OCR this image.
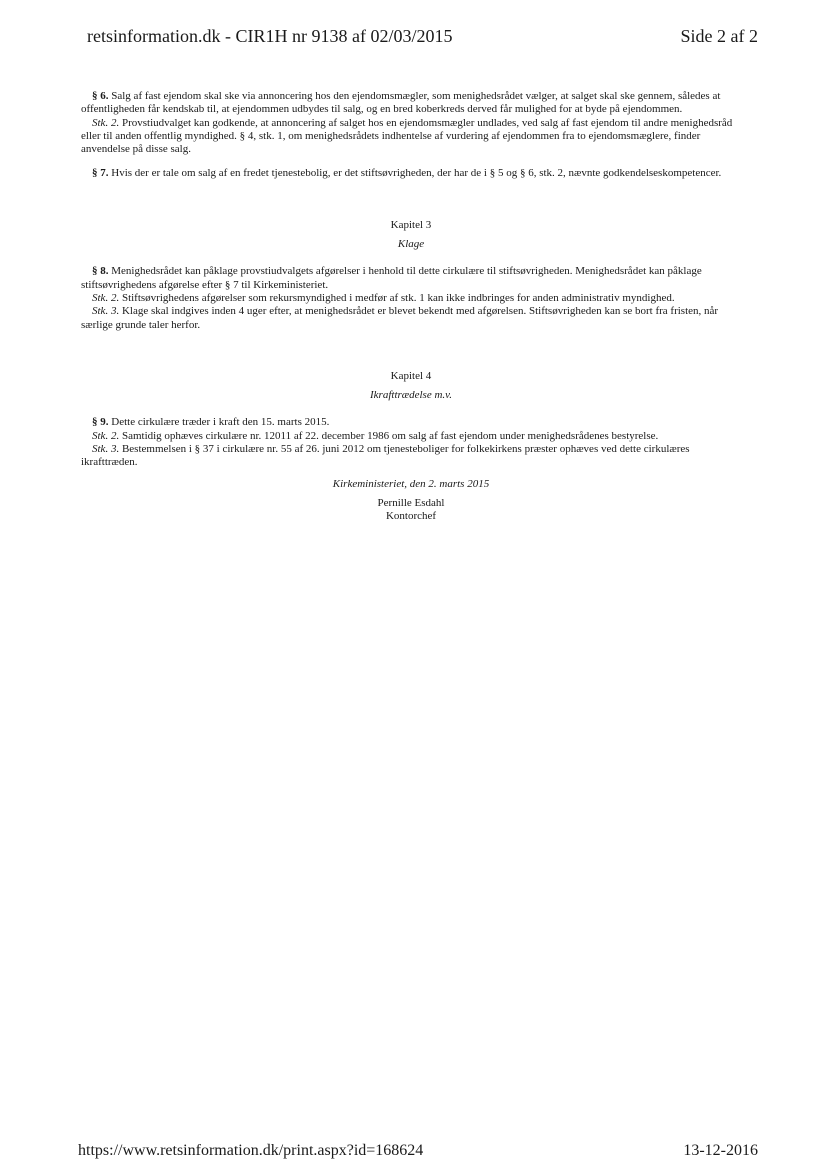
retsinformation.dk - CIR1H nr 9138 af 02/03/2015	Side 2 af 2

§ 6. Salg af fast ejendom skal ske via annoncering hos den ejendomsmægler, som menighedsrådet vælger, at salget skal ske gennem, således at offentligheden får kendskab til, at ejendommen udbydes til salg, og en bred koberkreds derved får mulighed for at byde på ejendommen.

Stk. 2. Provstiudvalget kan godkende, at annoncering af salget hos en ejendomsmægler undlades, ved salg af fast ejendom til andre menighedsråd eller til anden offentlig myndighed. § 4, stk. 1, om menighedsrådets indhentelse af vurdering af ejendommen fra to ejendomsmæglere, finder anvendelse på disse salg.

§ 7. Hvis der er tale om salg af en fredet tjenestebolig, er det stiftsøvrigheden, der har de i § 5 og § 6, stk. 2, nævnte godkendelseskompetencer.

Kapitel 3

Klage

§ 8. Menighedsrådet kan påklage provstiudvalgets afgørelser i henhold til dette cirkulære til stiftsøvrigheden. Menighedsrådet kan påklage stiftsøvrighedens afgørelse efter § 7 til Kirkeministeriet.

Stk. 2. Stiftsøvrighedens afgørelser som rekursmyndighed i medfør af stk. 1 kan ikke indbringes for anden administrativ myndighed.

Stk. 3. Klage skal indgives inden 4 uger efter, at menighedsrådet er blevet bekendt med afgørelsen. Stiftsøvrigheden kan se bort fra fristen, når særlige grunde taler herfor.

Kapitel 4

Ikrafttrædelse m.v.

§ 9. Dette cirkulære træder i kraft den 15. marts 2015.

Stk. 2. Samtidig ophæves cirkulære nr. 12011 af 22. december 1986 om salg af fast ejendom under menighedsrådenes bestyrelse.

Stk. 3. Bestemmelsen i § 37 i cirkulære nr. 55 af 26. juni 2012 om tjenesteboliger for folkekirkens præster ophæves ved dette cirkulæres ikrafttræden.

Kirkeministeriet, den 2. marts 2015

Pernille Esdahl

Kontorchef

https://www.retsinformation.dk/print.aspx?id=168624	13-12-2016
